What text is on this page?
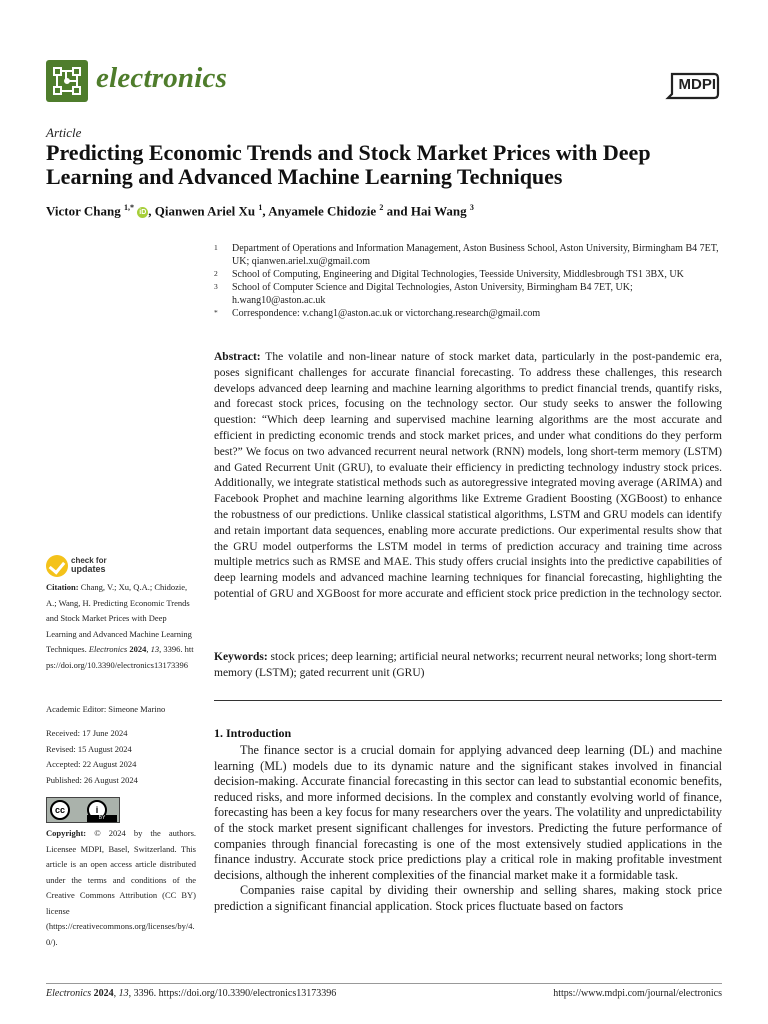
electronics	MDPI
Article
Predicting Economic Trends and Stock Market Prices with Deep Learning and Advanced Machine Learning Techniques
Victor Chang $^{1,*}$ iD , Qianwen Ariel Xu $^1$, Anyamele Chidozie $^2$ and Hai Wang $^3$
1 Department of Operations and Information Management, Aston Business School, Aston University, Birmingham B4 7ET, UK; qianwen.ariel.xu@gmail.com
2 School of Computing, Engineering and Digital Technologies, Teesside University, Middlesbrough TS1 3BX, UK
3 School of Computer Science and Digital Technologies, Aston University, Birmingham B4 7ET, UK; h.wang10@aston.ac.uk
* Correspondence: v.chang1@aston.ac.uk or victorchang.research@gmail.com
Abstract: The volatile and non-linear nature of stock market data, particularly in the post-pandemic era, poses significant challenges for accurate financial forecasting. To address these challenges, this research develops advanced deep learning and machine learning algorithms to predict financial trends, quantify risks, and forecast stock prices, focusing on the technology sector. Our study seeks to answer the following question: “Which deep learning and supervised machine learning algorithms are the most accurate and efficient in predicting economic trends and stock market prices, and under what conditions do they perform best?” We focus on two advanced recurrent neural network (RNN) models, long short-term memory (LSTM) and Gated Recurrent Unit (GRU), to evaluate their efficiency in predicting technology industry stock prices. Additionally, we integrate statistical methods such as autoregressive integrated moving average (ARIMA) and Facebook Prophet and machine learning algorithms like Extreme Gradient Boosting (XGBoost) to enhance the robustness of our predictions. Unlike classical statistical algorithms, LSTM and GRU models can identify and retain important data sequences, enabling more accurate predictions. Our experimental results show that the GRU model outperforms the LSTM model in terms of prediction accuracy and training time across multiple metrics such as RMSE and MAE. This study offers crucial insights into the predictive capabilities of deep learning models and advanced machine learning techniques for financial forecasting, highlighting the potential of GRU and XGBoost for more accurate and efficient stock price prediction in the technology sector.
Keywords: stock prices; deep learning; artificial neural networks; recurrent neural networks; long short-term memory (LSTM); gated recurrent unit (GRU)
1. Introduction

The finance sector is a crucial domain for applying advanced deep learning (DL) and machine learning (ML) models due to its dynamic nature and the significant stakes involved in financial decision-making. Accurate financial forecasting in this sector can lead to substantial economic benefits, reduced risks, and more informed decisions. In the complex and constantly evolving world of finance, forecasting has been a key focus for many researchers over the years. The volatility and unpredictability of the stock market present significant challenges for investors. Predicting the future performance of companies through financial forecasting is one of the most extensively studied applications in the finance industry. Accurate stock price predictions play a critical role in making profitable investment decisions, although the inherent complexities of the financial market make it a formidable task.

Companies raise capital by dividing their ownership and selling shares, making stock price prediction a significant financial application. Stock prices fluctuate based on factors

check for
updates
Citation: Chang, V.; Xu, Q.A.; Chidozie, A.; Wang, H. Predicting Economic Trends and Stock Market Prices with Deep Learning and Advanced Machine Learning Techniques. Electronics 2024, 13, 3396. https://doi.org/10.3390/electronics13173396
Academic Editor: Simeone Marino
Received: 17 June 2024
Revised: 15 August 2024
Accepted: 22 August 2024
Published: 26 August 2024
cc	i
BY
Copyright: © 2024 by the authors. Licensee MDPI, Basel, Switzerland. This article is an open access article distributed under the terms and conditions of the Creative Commons Attribution (CC BY) license (https://creativecommons.org/licenses/by/4.0/).
Electronics 2024, 13, 3396. https://doi.org/10.3390/electronics13173396	https://www.mdpi.com/journal/electronics
